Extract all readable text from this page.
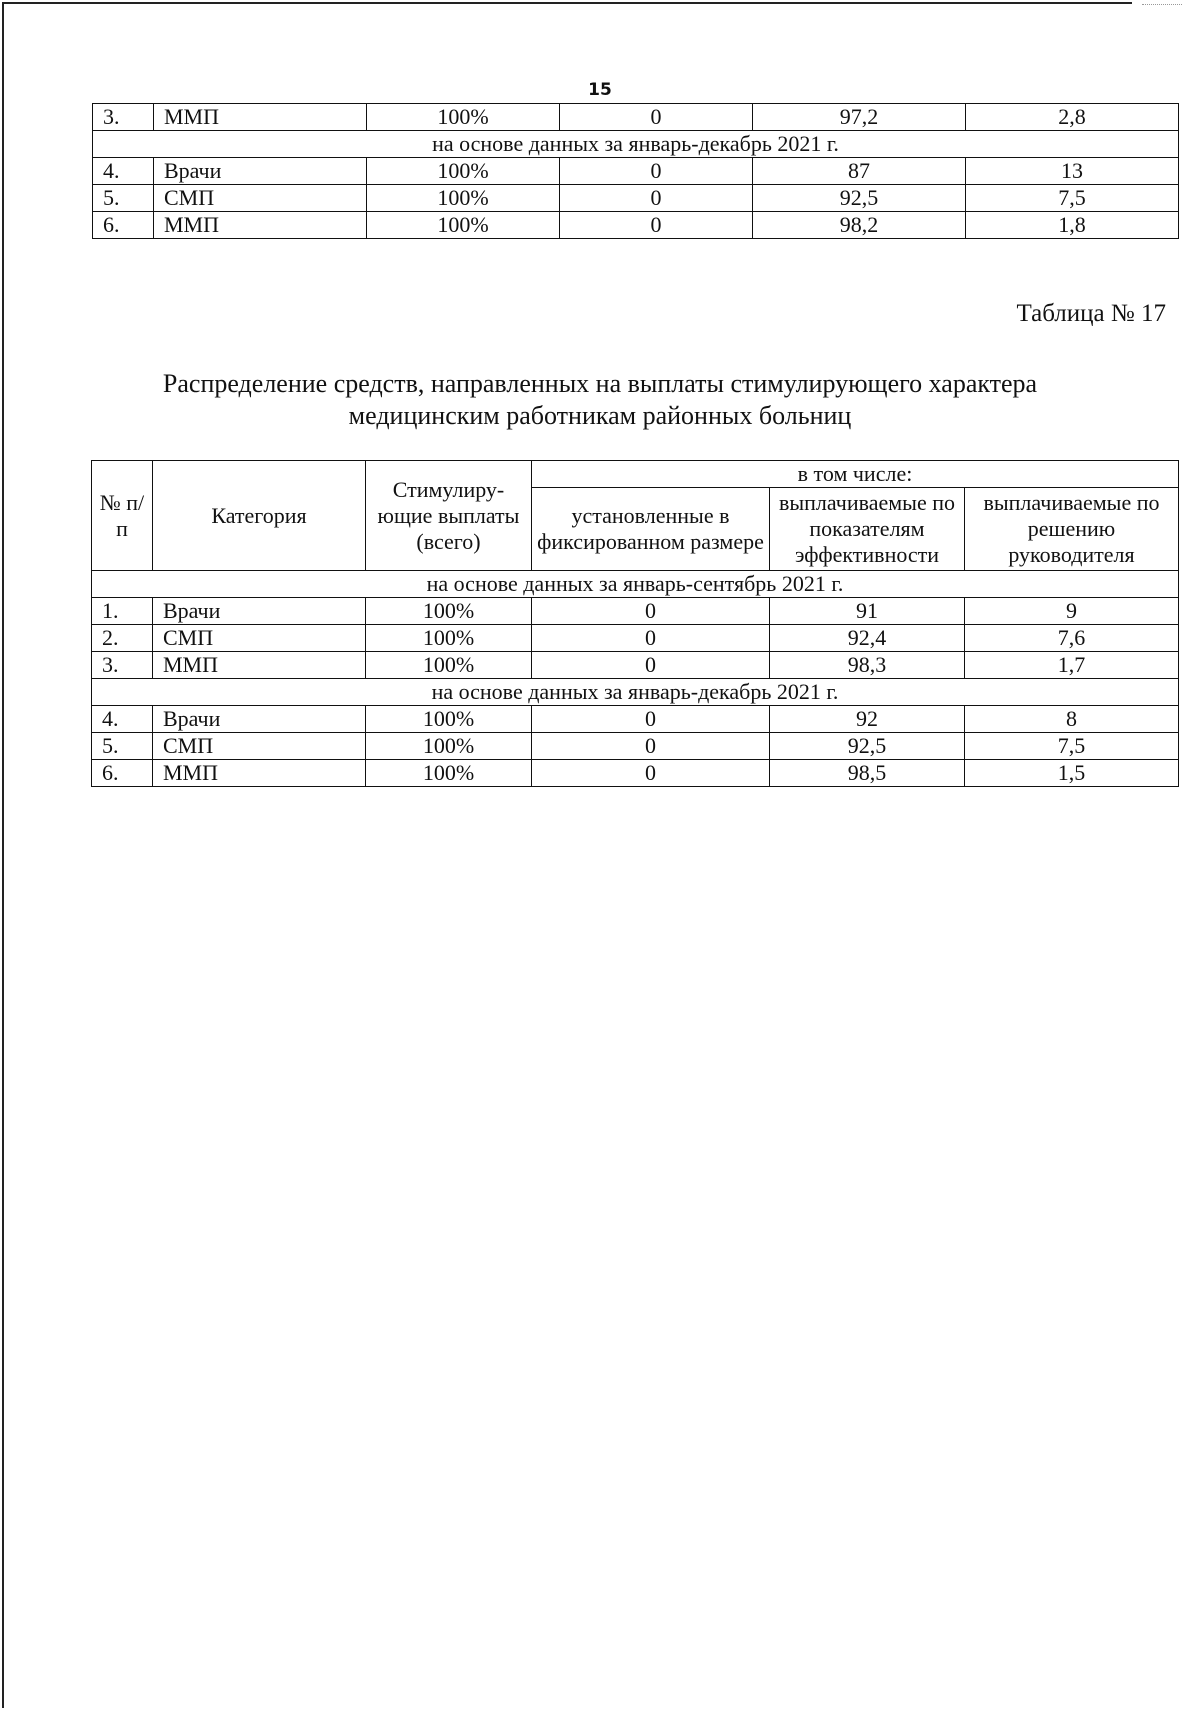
15
3.	ММП	100%	0	97,2	2,8
на основе данных за январь-декабрь 2021 г.					
4.	Врачи	100%	0	87	13
5.	СМП	100%	0	92,5	7,5
6.	ММП	100%	0	98,2	1,8
Таблица № 17
Распределение средств, направленных на выплаты стимулирующего характера
медицинским работникам районных больниц
№ п/п	Категория	Стимулиру-ющие выплаты (всего)	в том числе:		
			установленные в фиксированном размере	выплачиваемые по показателям эффективности	выплачиваемые по решению руководителя
на основе данных за январь-сентябрь 2021 г.					
1.	Врачи	100%	0	91	9
2.	СМП	100%	0	92,4	7,6
3.	ММП	100%	0	98,3	1,7
на основе данных за январь-декабрь 2021 г.					
4.	Врачи	100%	0	92	8
5.	СМП	100%	0	92,5	7,5
6.	ММП	100%	0	98,5	1,5
